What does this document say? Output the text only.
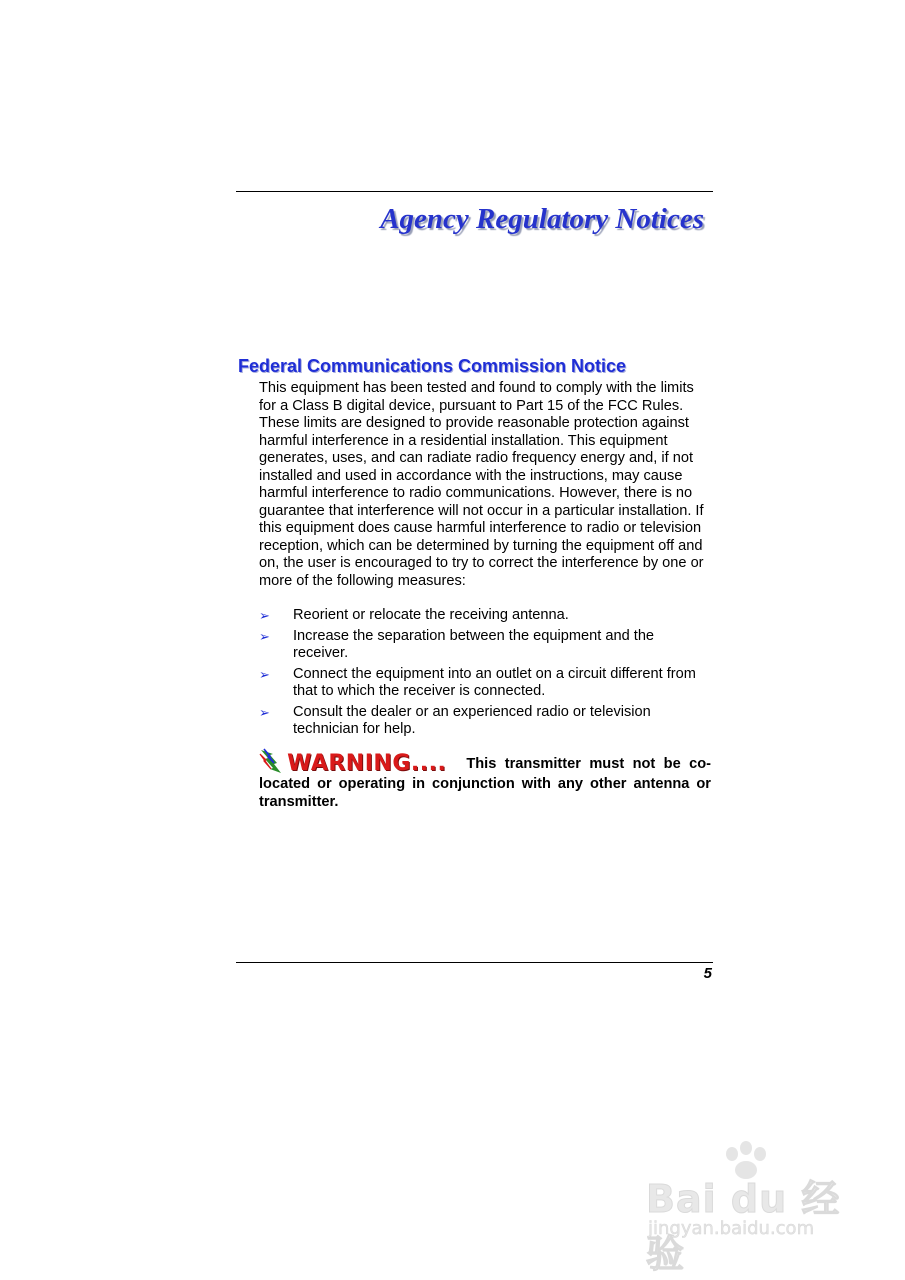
Agency Regulatory Notices
Federal Communications Commission Notice

This equipment has been tested and found to comply with the limits for a Class B digital device, pursuant to Part 15 of the FCC Rules. These limits are designed to provide reasonable protection against harmful interference in a residential installation. This equipment generates, uses, and can radiate radio frequency energy and, if not installed and used in accordance with the instructions, may cause harmful interference to radio communications. However, there is no guarantee that interference will not occur in a particular installation. If this equipment does cause harmful interference to radio or television reception, which can be determined by turning the equipment off and on, the user is encouraged to try to correct the interference by one or more of the following measures:

➢ Reorient or relocate the receiving antenna.
➢ Increase the separation between the equipment and the receiver.
➢ Connect the equipment into an outlet on a circuit different from that to which the receiver is connected.
➢ Consult the dealer or an experienced radio or television technician for help.
WARNING.... This transmitter must not be co-located or operating in conjunction with any other antenna or transmitter.
5
Bai du 经验
jingyan.baidu.com
